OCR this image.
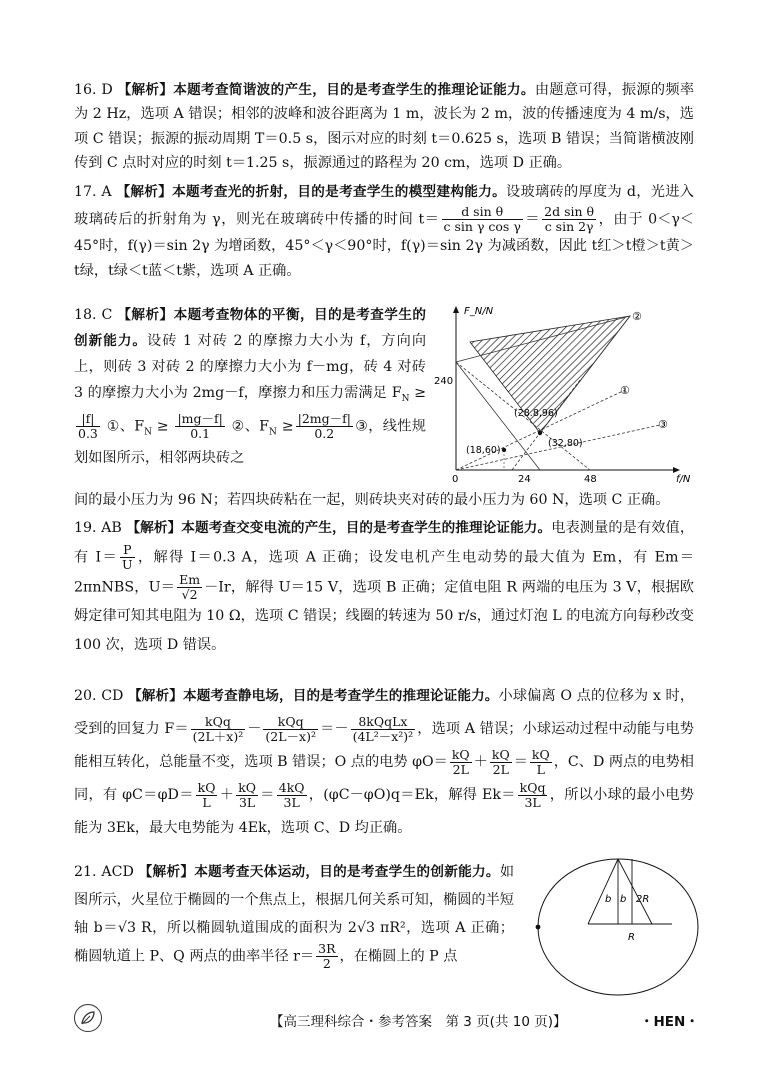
16. D 【解析】本题考查简谐波的产生，目的是考查学生的推理论证能力。由题意可得，振源的频率为 2 Hz，选项 A 错误；相邻的波峰和波谷距离为 1 m，波长为 2 m，波的传播速度为 4 m/s，选项 C 错误；振源的振动周期 T＝0.5 s，图示对应的时刻 t＝0.625 s，选项 B 错误；当简谐横波刚传到 C 点时对应的时刻 t＝1.25 s，振源通过的路程为 20 cm，选项 D 正确。

17. A 【解析】本题考查光的折射，目的是考查学生的模型建构能力。设玻璃砖的厚度为 d，光进入玻璃砖后的折射角为 γ，则光在玻璃砖中传播的时间 $t= \frac{\text{d sin θ}}{\text{c sin γ cos γ}} = \frac{\text{2d sin θ}}{\text{c sin 2γ}}$ ，由于 0＜γ＜45°时，f(γ)＝sin 2γ 为增函数，45°＜γ＜90°时，f(γ)＝sin 2γ 为减函数，因此 t红＞t橙＞t黄＞t绿，t绿＜t蓝＜t紫，选项 A 正确。

18. C 【解析】本题考查物体的平衡，目的是考查学生的创新能力。设砖 1 对砖 2 的摩擦力大小为 f，方向向上，则砖 3 对砖 2 的摩擦力大小为 f－mg，砖 4 对砖 3 的摩擦力大小为 2mg－f，摩擦力和压力需满足 $F_N$ ≥
$\frac{|f|}{0.3}$ ①、$F_N \ge \frac{|mg-f|}{0.1}$ ②、$F_N \ge \frac{|2mg-f|}{0.2}$ ③，线性规划如图所示，相邻两块砖之

间的最小压力为 96 N；若四块砖粘在一起，则砖块夹对砖的最小压力为 60 N，选项 C 正确。

F_N/N
f/N
240
0	24	48
(28.8,96)
(32,80)
(18,60)
①
②
③

19. AB 【解析】本题考查交变电流的产生，目的是考查学生的推理论证能力。电表测量的是有效值，有 $I= \frac{P}{U}$ ，解得 I＝0.3 A，选项 A 正确；设发电机产生电动势的最大值为 Em，有 Em＝2πnNBS，$U= \frac{Em}{√2} -Ir$，解得 U＝15 V，选项 B 正确；定值电阻 R 两端的电压为 3 V，根据欧姆定律可知其电阻为 10 Ω，选项 C 错误；线圈的转速为 50 r/s，通过灯泡 L 的电流方向每秒改变 100 次，选项 D 错误。

20. CD 【解析】本题考查静电场，目的是考查学生的推理论证能力。小球偏离 O 点的位移为 x 时，受到的回复力 $F= \frac{\text{kQq}}{\text{(2L＋x)²}} - \frac{\text{kQq}}{\text{(2L－x)²}} =- \frac{\text{8kQqLx}}{\text{(4L²－x²)²}}$ ，选项 A 错误；小球运动过程中动能与电势能相互转化，总能量不变，选项 B 错误；O 点的电势 $\varphi O= \frac{kQ}{2L} + \frac{kQ}{2L} = \frac{kQ}{L}$ ，C、D 两点的电势相同，有 $\varphi C=\varphi D= \frac{kQ}{L} + \frac{kQ}{3L} = \frac{4kQ}{3L}$ ，(φC－φO)q＝Ek，解得 $Ek= \frac{\text{kQq}}{3L}$ ，所以小球的最小电势能为 3Ek，最大电势能为 4Ek，选项 C、D 均正确。

21. ACD 【解析】本题考查天体运动，目的是考查学生的创新能力。如图所示，火星位于椭圆的一个焦点上，根据几何关系可知，椭圆的半短轴 b＝√3 R，所以椭圆轨道围成的面积为 2√3 πR²，选项 A 正确；椭圆轨道上 P、Q 两点的曲率半径 $r= \frac{3R}{2}$ ，在椭圆上的 P 点

b b 2R
R
【高三理科综合・参考答案　第 3 页(共 10 页)】	・HEN・
